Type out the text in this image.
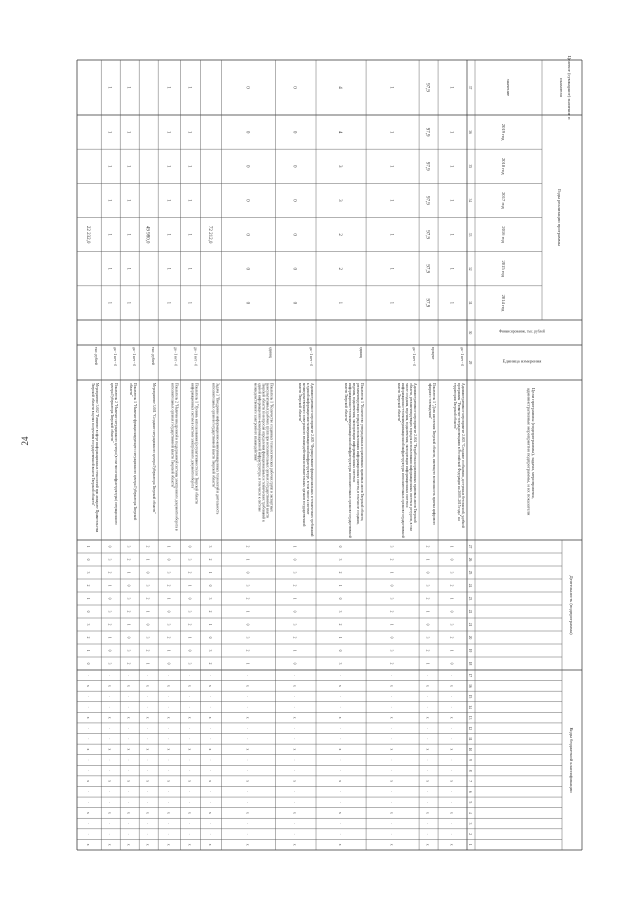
24
Целевое (суммарное) значение п
оказателя
значение
Годы реализации программы
2014 год
2015 год
2016 год
2017 год
2018 год
2019 год
Финансирование, тыс. рублей
Единица измерения
Цели программы (подпрограммы), задачи, мероприятия,административные мероприятия подпрограммы, и их показатели
Деятельность (подпрограмма)
Коды бюджетной классификации
29
30
31
32
33
34
35
36
37
1
2
3
4
5
6
7
8
9
10
11
12
13
14
15
16
17
18
19
20
21
22
23
24
25
26
27
Административное мероприятие 2.003 "Создание сообщения, доступных безопасной, удобнойпрограммы "Развитие телерадиовещания в Российской Федерации на 2009–2015 годы" натерритории Тверской области"
да - 1 нет - 0
1
1
1
1
1
1
1
x
·
·
x
·
·
x
·
·
x
·
·
x
·
·
x
·
0
1
2
3
0
1
2
3
0
1
Показатель 1 "Доля населения Тверской области, имеющего возможность приема цифровогоэфирного телевидения"
процент
97,9
97,9
97,9
97,9
97,9
97,9
97,9
x
·
·
x
·
·
x
·
·
x
·
·
x
·
·
x
·
1
2
3
0
1
2
3
0
1
2
Административное мероприятие 2.004 "Разработка нормативных правовых актов Тверскойобласти, регламентирующих порядок использования информационных систем и ресурсов, в томчисле создания, ведения, подключения, эксплуатации информационных систем иинформационно-телекоммуникационной инфраструктуры исполнительных органов государственнойвласти Тверской области"
да - 1 нет - 0
1
1
1
1
1
1
1
x
·
·
x
·
·
x
·
·
x
·
·
x
·
·
x
·
2
3
0
1
2
3
0
1
2
3
Показатель 1 "Количество утвержденных нормативных правовых актов Тверской области,регламентирующих порядок использования информационных систем, в том числе создания,ведения, подключения, эксплуатации информационных систем иинформационно-телекоммуникационной инфраструктуры исполнительных органов государственнойвласти Тверской области"
единиц
1
2
2
3
3
4
4
x
·
·
x
·
·
x
·
·
x
·
·
x
·
·
x
·
3
0
1
2
3
0
1
2
3
0
Административное мероприятие 2.005 "Формирование функциональных и технических требованийк единой информационно-коммуникационной инфраструктуре, в том числе к системемежведомственного электронного взаимодействия исполнительных органов государственнойвласти Тверской области"
да - 1 нет - 0
0
0
0
0
0
0
0
x
·
·
x
·
·
x
·
·
x
·
·
x
·
·
x
·
0
1
2
3
0
1
2
3
0
1
Показатель 1 "Количество созданных технологических рабочих групп и экспертных(консультативных) рабочих групп при исполнительных органах государственной властиТверской области по вопросам определения функциональных и технических требований кединой информационно-коммуникационной инфраструктуре, в том числе к системемежведомственного электронного взаимодействия"
единиц
0
0
0
0
0
0
0
x
·
·
x
·
·
x
·
·
x
·
·
x
·
·
x
·
1
2
3
0
1
2
3
0
1
2
Задача 3 "Внедрение информационно-коммуникационных технологий в деятельностьисполнительных органов государственной власти Тверской области"
72 212,0
x
·
·
x
·
·
x
·
·
x
·
·
x
·
·
x
·
2
3
0
1
2
3
0
1
2
3
Показатель 1 "Уровень использования (результативности) по Тверской областиинформационных систем в системе электронного документооборота"
да - 1 нет - 0
1
1
1
1
1
1
1
x
·
·
x
·
·
x
·
·
x
·
·
x
·
·
x
·
3
0
1
2
3
0
1
2
3
0
Показатель 2 "Наличие внедренной и поддержанной системы электронного документооборота висполнительных органах государственной власти Тверской области"
да - 1 нет - 0
1
1
1
1
1
1
1
x
·
·
x
·
·
x
·
·
x
·
·
x
·
·
x
·
0
1
2
3
0
1
2
3
0
1
Мероприятие 3.001 "Создание ситуационного центра Губернатора Тверской области"
тыс. рублей
49 980,0
x
·
·
x
·
·
x
·
·
x
·
·
x
·
·
x
·
1
2
3
0
1
2
3
0
1
2
Показатель 1 "Наличие функционирующего ситуационного центра Губернатора Тверскойобласти"
да - 1 нет - 0
1
1
1
1
1
1
1
x
·
·
x
·
·
x
·
·
x
·
·
x
·
·
x
·
2
3
0
1
2
3
0
1
2
3
Показатель 2 "Наличие ситуационного центра (в том числе инфраструктуры) ситуационногоцентра Губернатора Тверской области"
да - 1 нет - 0
1
1
1
1
1
1
1
x
·
·
x
·
·
x
·
·
x
·
·
x
·
·
x
·
3
0
1
2
3
0
1
2
3
0
Мероприятие 3.002 "Развитие в сфере информационных технологий при аппарате ПравительстваТверской области в целях получения государственной власти Тверской области"
тыс. рублей
22 232,0
x
·
·
x
·
·
x
·
·
x
·
·
x
·
·
x
·
0
1
2
3
0
1
2
3
0
1
